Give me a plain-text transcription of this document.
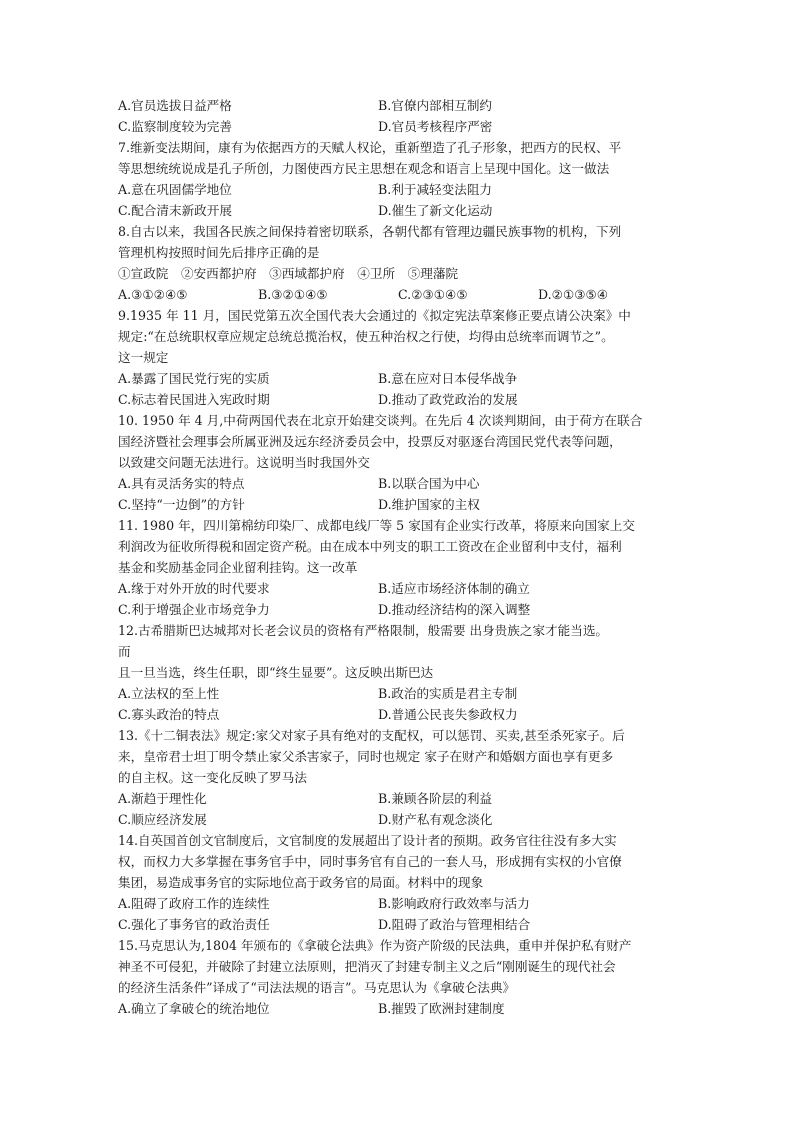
A.官员选拔日益严格	B.官僚内部相互制约
C.监察制度较为完善	D.官员考核程序严密
7.维新变法期间，康有为依据西方的天赋人权论，重新塑造了孔子形象，把西方的民权、平
等思想统统说成是孔子所创，力图使西方民主思想在观念和语言上呈现中国化。这一做法
A.意在巩固儒学地位	B.利于减轻变法阻力
C.配合清末新政开展	D.催生了新文化运动
8.自古以来，我国各民族之间保持着密切联系，各朝代都有管理边疆民族事物的机构，下列
管理机构按照时间先后排序正确的是
①宣政院　②安西都护府　③西域都护府　④卫所　⑤理藩院
A.③①②④⑤	B.③②①④⑤	C.②③①④⑤	D.②①③⑤④
9.1935 年 11 月，国民党第五次全国代表大会通过的《拟定宪法草案修正要点请公决案》中
规定:“在总统职权章应规定总统总揽治权，使五种治权之行使，均得由总统率而调节之”。
这一规定
A.暴露了国民党行宪的实质	B.意在应对日本侵华战争
C.标志着民国进入宪政时期	D.推动了政党政治的发展
10. 1950 年 4 月,中荷两国代表在北京开始建交谈判。在先后 4 次谈判期间，由于荷方在联合
国经济暨社会理事会所属亚洲及远东经济委员会中，投票反对驱逐台湾国民党代表等问题，
以致建交问题无法进行。这说明当时我国外交
A.具有灵活务实的特点	B.以联合国为中心
C.坚持“一边倒”的方针	D.维护国家的主权
11. 1980 年，四川第棉纺印染厂、成都电线厂等 5 家国有企业实行改革，将原来向国家上交
利润改为征收所得税和固定资产税。由在成本中列支的职工工资改在企业留利中支付，福利
基金和奖励基金同企业留利挂钩。这一改革
A.缘于对外开放的时代要求	B.适应市场经济体制的确立
C.利于增强企业市场竞争力	D.推动经济结构的深入调整
12.古希腊斯巴达城邦对长老会议员的资格有严格限制，般需要 出身贵族之家才能当选。
而
且一旦当选，终生任职，即“终生显要”。这反映出斯巴达
A.立法权的至上性	B.政治的实质是君主专制
C.寡头政治的特点	D.普通公民丧失参政权力
13.《十二铜表法》规定:家父对家子具有绝对的支配权，可以惩罚、买卖,甚至杀死家子。后
来，皇帝君士坦丁明令禁止家父杀害家子，同时也规定 家子在财产和婚姻方面也享有更多
的自主权。这一变化反映了罗马法
A.渐趋于理性化	B.兼顾各阶层的利益
C.顺应经济发展	D.财产私有观念淡化
14.自英国首创文官制度后，文官制度的发展超出了设计者的预期。政务官往往没有多大实
权，而权力大多掌握在事务官手中，同时事务官有自己的一套人马，形成拥有实权的小官僚
集团，易造成事务官的实际地位高于政务官的局面。材料中的现象
A.阻碍了政府工作的连续性	B.影响政府行政效率与活力
C.强化了事务官的政治责任	D.阻碍了政治与管理相结合
15.马克思认为,1804 年颁布的《拿破仑法典》作为资产阶级的民法典，重申并保护私有财产
神圣不可侵犯，并破除了封建立法原则，把消灭了封建专制主义之后“刚刚诞生的现代社会
的经济生活条件”译成了“司法法规的语言”。马克思认为《拿破仑法典》
A.确立了拿破仑的统治地位	B.摧毁了欧洲封建制度
